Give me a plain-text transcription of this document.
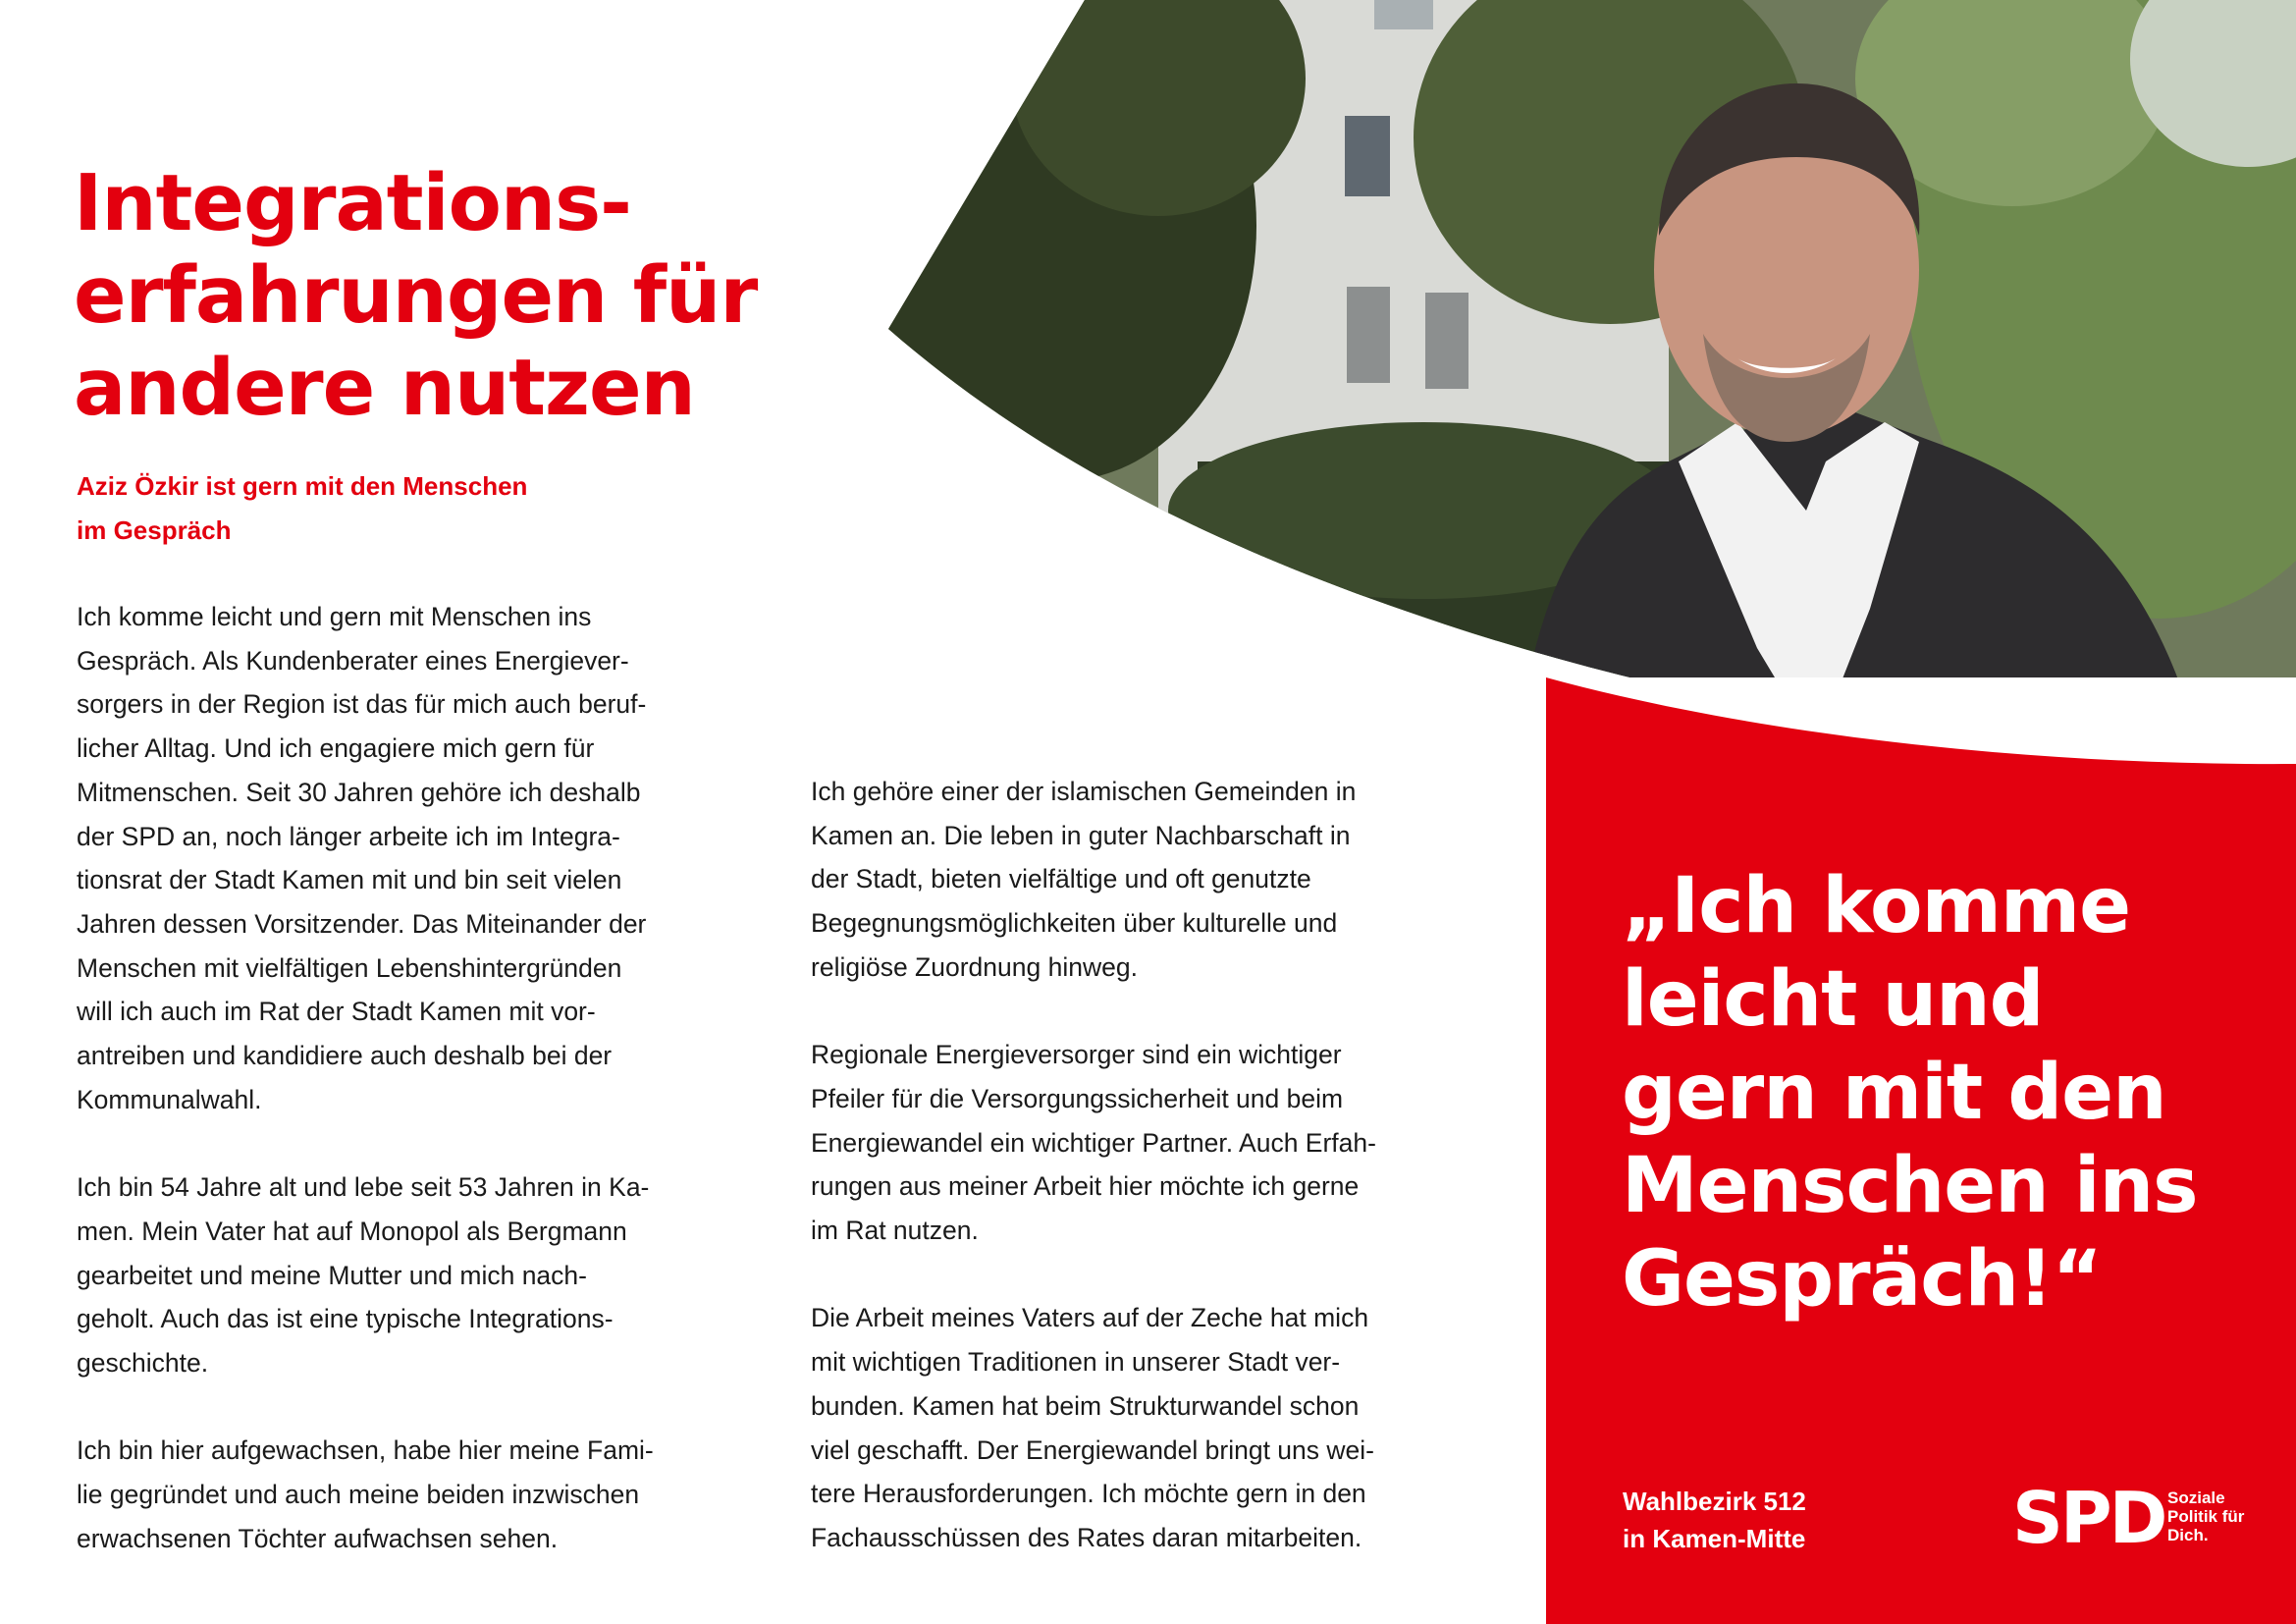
Integrations-
erfahrungen für
andere nutzen
Aziz Özkir ist gern mit den Menschen
im Gespräch

Ich komme leicht und gern mit Menschen ins
Gespräch. Als Kundenberater eines Energiever-
sorgers in der Region ist das für mich auch beruf-
licher Alltag. Und ich engagiere mich gern für
Mitmenschen. Seit 30 Jahren gehöre ich deshalb
der SPD an, noch länger arbeite ich im Integra-
tionsrat der Stadt Kamen mit und bin seit vielen
Jahren dessen Vorsitzender. Das Miteinander der
Menschen mit vielfältigen Lebenshintergründen
will ich auch im Rat der Stadt Kamen mit vor-
antreiben und kandidiere auch deshalb bei der
Kommunalwahl.

Ich bin 54 Jahre alt und lebe seit 53 Jahren in Ka-
men. Mein Vater hat auf Monopol als Bergmann
gearbeitet und meine Mutter und mich nach-
geholt. Auch das ist eine typische Integrations-
geschichte.

Ich bin hier aufgewachsen, habe hier meine Fami-
lie gegründet und auch meine beiden inzwischen
erwachsenen Töchter aufwachsen sehen.

Ich gehöre einer der islamischen Gemeinden in
Kamen an. Die leben in guter Nachbarschaft in
der Stadt, bieten vielfältige und oft genutzte
Begegnungsmöglichkeiten über kulturelle und
religiöse Zuordnung hinweg.

Regionale Energieversorger sind ein wichtiger
Pfeiler für die Versorgungssicherheit und beim
Energiewandel ein wichtiger Partner. Auch Erfah-
rungen aus meiner Arbeit hier möchte ich gerne
im Rat nutzen.

Die Arbeit meines Vaters auf der Zeche hat mich
mit wichtigen Traditionen in unserer Stadt ver-
bunden. Kamen hat beim Strukturwandel schon
viel geschafft. Der Energiewandel bringt uns wei-
tere Herausforderungen. Ich möchte gern in den
Fachausschüssen des Rates daran mitarbeiten.

„Ich komme
leicht und
gern mit den
Menschen ins
Gespräch!“
Wahlbezirk 512
in Kamen-Mitte	SPD Soziale
Politik für
Dich.
